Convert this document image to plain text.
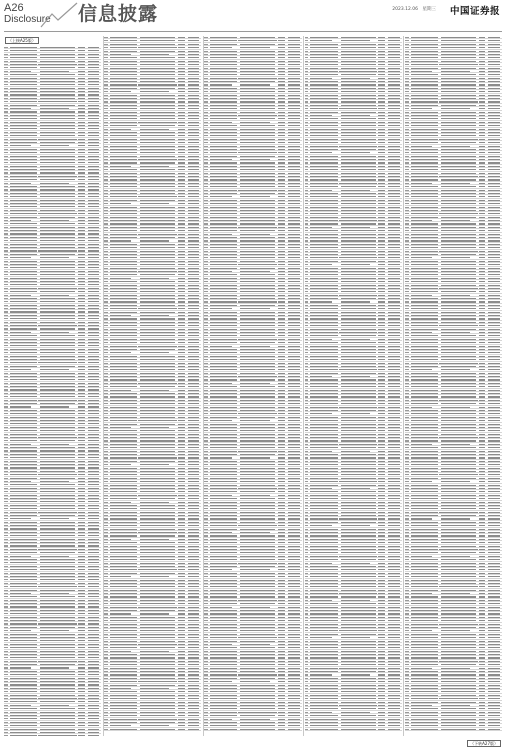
A26
Disclosure 信息披露	2023.12.06　星期三 中国证券报
（上接A25版）
（下转A27版）
